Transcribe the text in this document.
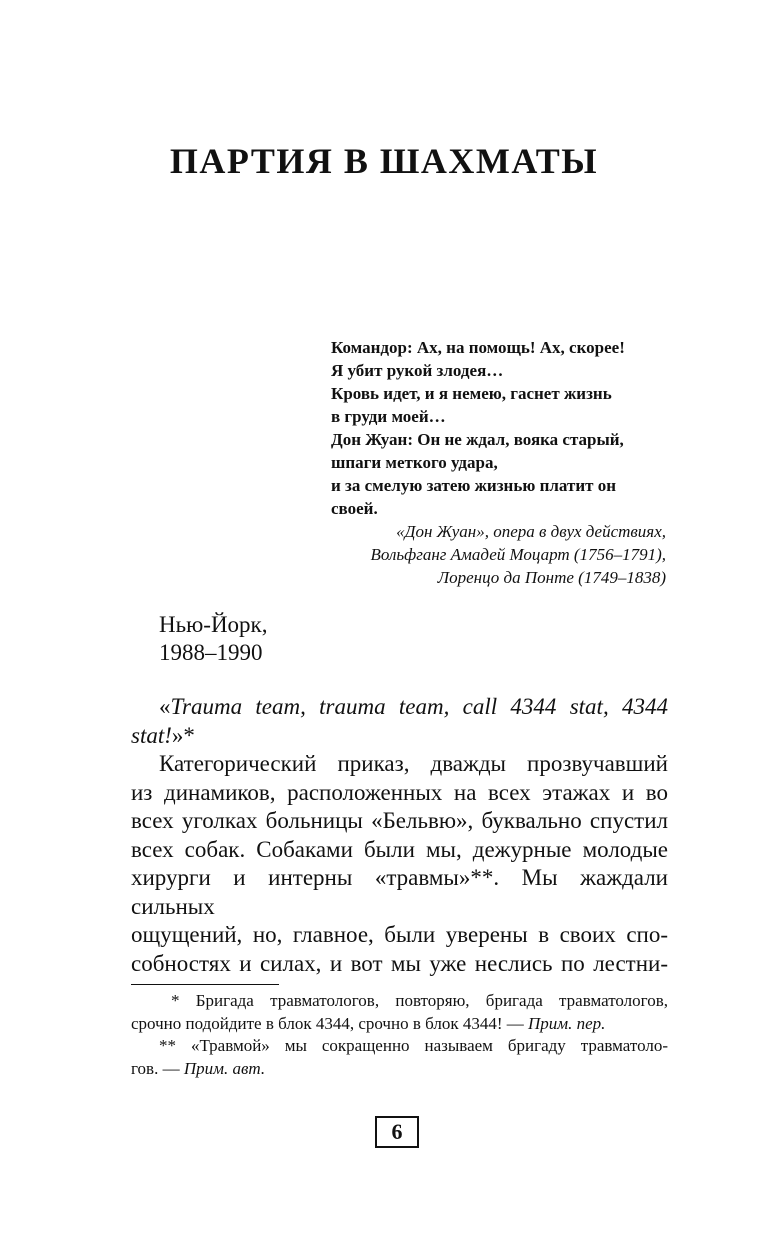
ПАРТИЯ В ШАХМАТЫ
Командор: Ах, на помощь! Ах, скорее!
Я убит рукой злодея…
Кровь идет, и я немею, гаснет жизнь
в груди моей…
Дон Жуан: Он не ждал, вояка старый,
шпаги меткого удара,
и за смелую затею жизнью платит он
своей.
«Дон Жуан», опера в двух действиях,
Вольфганг Амадей Моцарт (1756–1791),
Лоренцо да Понте (1749–1838)
Нью-Йорк,
1988–1990
«Trauma team, trauma team, call 4344 stat, 4344
stat!»*
Категорический приказ, дважды прозвучавший
из динамиков, расположенных на всех этажах и во
всех уголках больницы «Бельвю», буквально спустил
всех собак. Собаками были мы, дежурные молодые
хирурги и интерны «травмы»**. Мы жаждали сильных
ощущений, но, главное, были уверены в своих спо-
собностях и силах, и вот мы уже неслись по лестни-
* Бригада травматологов, повторяю, бригада травматологов,
срочно подойдите в блок 4344, срочно в блок 4344! — Прим. пер.
** «Травмой» мы сокращенно называем бригаду травматоло-
гов. — Прим. авт.
6
